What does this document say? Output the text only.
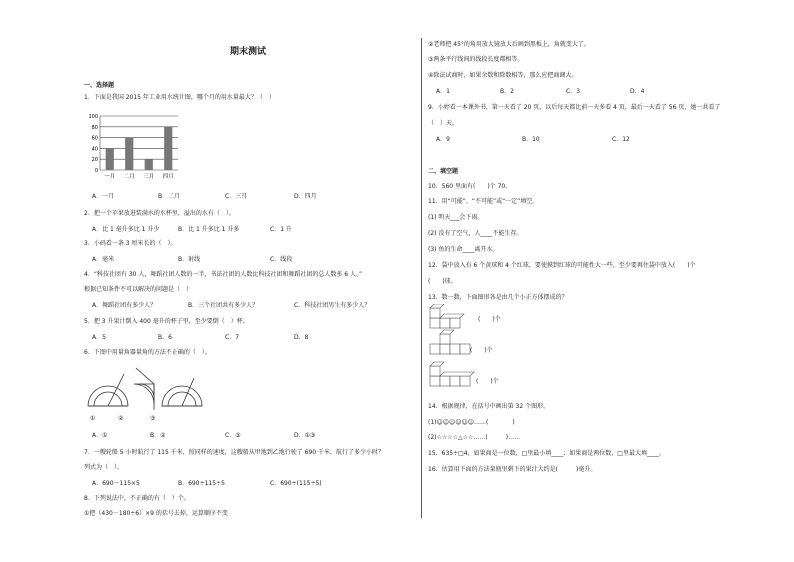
期末测试
一、选择题
1．下面是我国 2015 年工业用水统计图，哪个月的用水量最大？（　）
100
80
60
40
20
0
一月 二月 三月 四月
A．一月	B．二月	C．三月	D．四月
2．把一个苹果放进装满水的水杯里，溢出的水有（　）。
A．比 1 毫升多比 1 升少	B．比 1 升多比 1 升多	C．1 升
3．小码看一条 3 厘米长的（　）。
A．毫米	B．射线	C．线段
4．“科技社团有 30 人，舞蹈社团人数的一半，书法社团的人数比科技社团和舞蹈社团的总人数多 6 人。”
根据已知条件不可以解决的问题是（　）
A．舞蹈社团有多少人？	B．三个社团共有多少人？	C．科技社团男生有多少人？
5．把 3 升果汁倒入 400 毫升的杯子里，至少要倒（　）杯。
A．5	B．6	C．7	D．8
6．下图中用量角器量角的方法不正确的（　）。
①	②	③
A．①	B．②	C．③	D．①③
7．一艘轮船 5 小时航行了 115 千米，照同样的速度，这艘船从甲地到乙地行驶了 690 千米，航行了多少小时？
列式为（　）。
A．690－115×5	B．690÷115÷5	C．690÷(115÷5)
8．下列说法中，不正确的有（　）个。
①把（430－180÷6）×9 的括号去掉，运算顺序不变
②老师把 45°的角用放大镜放大后画到黑板上，角就变大了。
③两条平行线间的线段长度都相等。
④除法试商时，如果余数和除数相等，那么应把商调大。
A．1	B．2	C．3	D．4
9．小婷看一本课外书，第一天看了 20 页，以后每天都比前一天多看 4 页，最后一天看了 56 页，她一共看了
（　）天。
A．9	B．10	C．12
二、填空题
10．560 里面有(　　)个 70。
11．用“可能”、“不可能”或“一定”填空。
(1) 明天___会下雨。
(2) 没有了空气，人____不能生存。
(3) 鱼的生命____离开水。
12．袋中放入有 6 个黄球和 4 个红球，要使摸到红球的可能性大一些，至少要再往袋中放入(　　)个
(　　)球。
13．数一数，下面图形各是由几个小正方体摆成的？
(　　)个
(　　)个
(　　)个
14．根据规律，在括号中画出第 32 个图形。
(1)☺☺☺☺☺☺……(　　　　)
(2)☆☆☆☆△☆☆……(　　　)……
15．635÷□4，如果商是一位数，□里最小填____；如果商是两位数，□里最大填____。
16．估算用下面的方法量瓶里剩下的果汁大约是(　　　)毫升。
